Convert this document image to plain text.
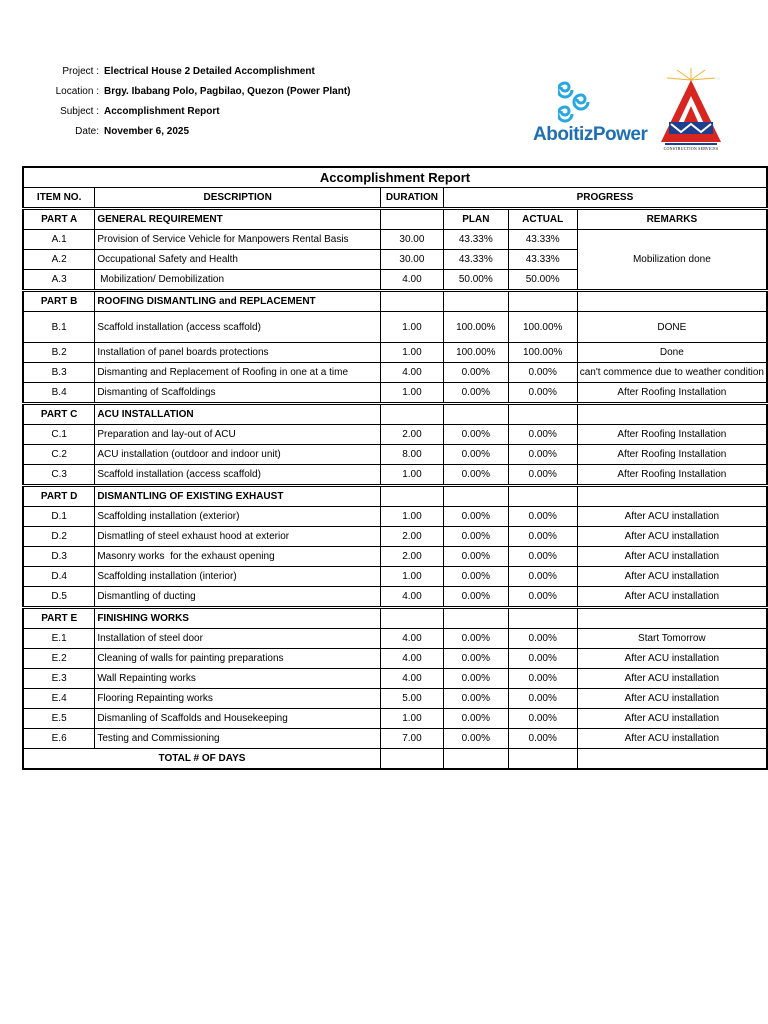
Project : Electrical House 2 Detailed Accomplishment
Location : Brgy. Ibabang Polo, Pagbilao, Quezon (Power Plant)
Subject : Accomplishment Report
Date: November 6, 2025	AboitizPower
CONSTRUCTION SERVICES
Accomplishment Report					
ITEM NO.	DESCRIPTION	DURATION	PROGRESS		
PART A	GENERAL REQUIREMENT		PLAN	ACTUAL	REMARKS
A.1	Provision of Service Vehicle for Manpowers Rental Basis	30.00	43.33%	43.33%	Mobilization done
A.2	Occupational Safety and Health	30.00	43.33%	43.33%	
A.3	Mobilization/ Demobilization	4.00	50.00%	50.00%	
PART B	ROOFING DISMANTLING and REPLACEMENT				
B.1	Scaffold installation (access scaffold)	1.00	100.00%	100.00%	DONE
B.2	Installation of panel boards protections	1.00	100.00%	100.00%	Done
B.3	Dismanting and Replacement of Roofing in one at a time	4.00	0.00%	0.00%	can't commence due to weather condition
B.4	Dismanting of Scaffoldings	1.00	0.00%	0.00%	After Roofing Installation
PART C	ACU INSTALLATION				
C.1	Preparation and lay-out of ACU	2.00	0.00%	0.00%	After Roofing Installation
C.2	ACU installation (outdoor and indoor unit)	8.00	0.00%	0.00%	After Roofing Installation
C.3	Scaffold installation (access scaffold)	1.00	0.00%	0.00%	After Roofing Installation
PART D	DISMANTLING OF EXISTING EXHAUST				
D.1	Scaffolding installation (exterior)	1.00	0.00%	0.00%	After ACU installation
D.2	Dismatling of steel exhaust hood at exterior	2.00	0.00%	0.00%	After ACU installation
D.3	Masonry works  for the exhaust opening	2.00	0.00%	0.00%	After ACU installation
D.4	Scaffolding installation (interior)	1.00	0.00%	0.00%	After ACU installation
D.5	Dismantling of ducting	4.00	0.00%	0.00%	After ACU installation
PART E	FINISHING WORKS				
E.1	Installation of steel door	4.00	0.00%	0.00%	Start Tomorrow
E.2	Cleaning of walls for painting preparations	4.00	0.00%	0.00%	After ACU installation
E.3	Wall Repainting works	4.00	0.00%	0.00%	After ACU installation
E.4	Flooring Repainting works	5.00	0.00%	0.00%	After ACU installation
E.5	Dismanling of Scaffolds and Housekeeping	1.00	0.00%	0.00%	After ACU installation
E.6	Testing and Commissioning	7.00	0.00%	0.00%	After ACU installation
TOTAL # OF DAYS					
